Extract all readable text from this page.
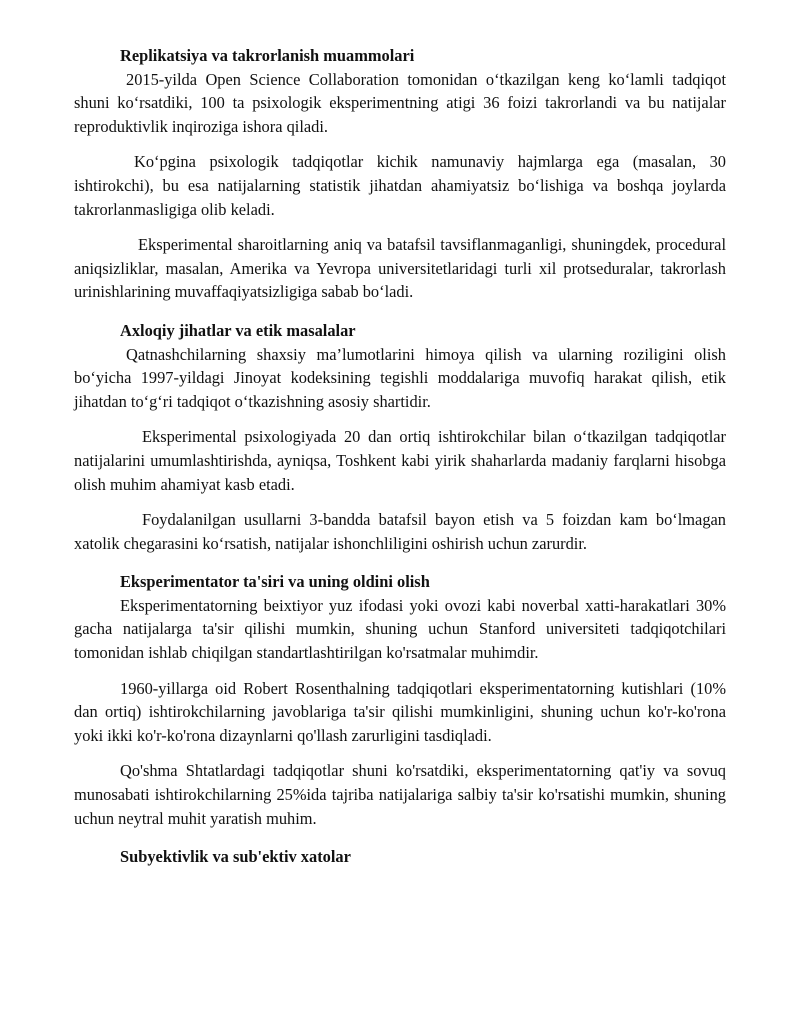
Replikatsiya va takrorlanish muammolari

2015-yilda Open Science Collaboration tomonidan o‘tkazilgan keng ko‘lamli tadqiqot shuni ko‘rsatdiki, 100 ta psixologik eksperimentning atigi 36 foizi takrorlandi va bu natijalar reproduktivlik inqiroziga ishora qiladi.

Ko‘pgina psixologik tadqiqotlar kichik namunaviy hajmlarga ega (masalan, 30 ishtirokchi), bu esa natijalarning statistik jihatdan ahamiyatsiz bo‘lishiga va boshqa joylarda takrorlanmasligiga olib keladi.

Eksperimental sharoitlarning aniq va batafsil tavsiflanmaganligi, shuningdek, procedural aniqsizliklar, masalan, Amerika va Yevropa universitetlaridagi turli xil protseduralar, takrorlash urinishlarining muvaffaqiyatsizligiga sabab bo‘ladi.

Axloqiy jihatlar va etik masalalar

Qatnashchilarning shaxsiy ma’lumotlarini himoya qilish va ularning roziligini olish bo‘yicha 1997-yildagi Jinoyat kodeksining tegishli moddalariga muvofiq harakat qilish, etik jihatdan to‘g‘ri tadqiqot o‘tkazishning asosiy shartidir.

Eksperimental psixologiyada 20 dan ortiq ishtirokchilar bilan o‘tkazilgan tadqiqotlar natijalarini umumlashtirishda, ayniqsa, Toshkent kabi yirik shaharlarda madaniy farqlarni hisobga olish muhim ahamiyat kasb etadi.

Foydalanilgan usullarni 3-bandda batafsil bayon etish va 5 foizdan kam bo‘lmagan xatolik chegarasini ko‘rsatish, natijalar ishonchliligini oshirish uchun zarurdir.

Eksperimentator ta'siri va uning oldini olish

Eksperimentatorning beixtiyor yuz ifodasi yoki ovozi kabi noverbal xatti-harakatlari 30% gacha natijalarga ta'sir qilishi mumkin, shuning uchun Stanford universiteti tadqiqotchilari tomonidan ishlab chiqilgan standartlashtirilgan ko'rsatmalar muhimdir.

1960-yillarga oid Robert Rosenthalning tadqiqotlari eksperimentatorning kutishlari (10% dan ortiq) ishtirokchilarning javoblariga ta'sir qilishi mumkinligini, shuning uchun ko'r-ko'rona yoki ikki ko'r-ko'rona dizaynlarni qo'llash zarurligini tasdiqladi.

Qo'shma Shtatlardagi tadqiqotlar shuni ko'rsatdiki, eksperimentatorning qat'iy va sovuq munosabati ishtirokchilarning 25%ida tajriba natijalariga salbiy ta'sir ko'rsatishi mumkin, shuning uchun neytral muhit yaratish muhim.

Subyektivlik va sub'ektiv xatolar
